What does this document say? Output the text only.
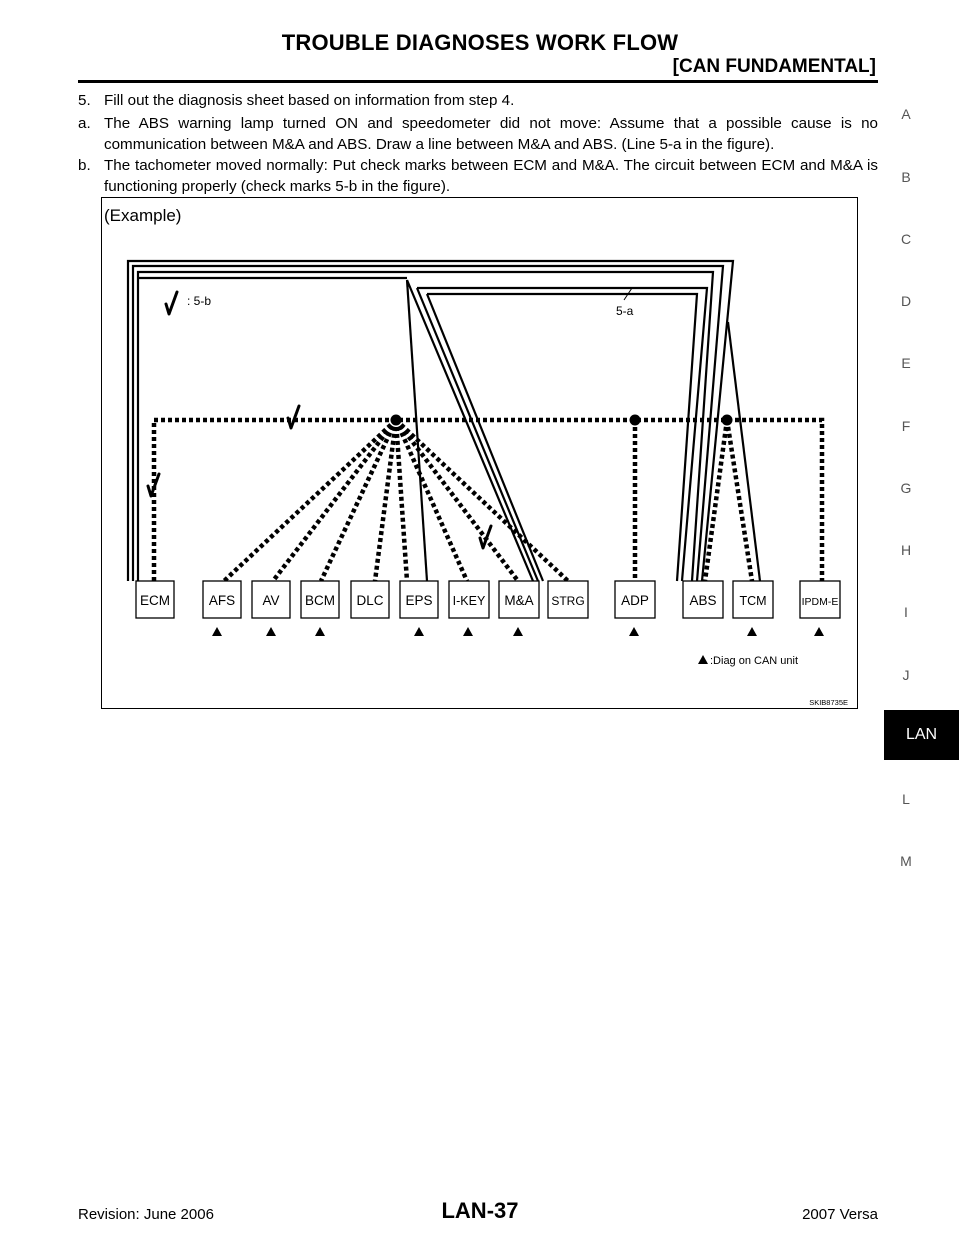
TROUBLE DIAGNOSES WORK FLOW
[CAN FUNDAMENTAL]
5. Fill out the diagnosis sheet based on information from step 4.
a. The ABS warning lamp turned ON and speedometer did not move: Assume that a possible cause is no communication between M&A and ABS. Draw a line between M&A and ABS. (Line 5-a in the figure).
b. The tachometer moved normally: Put check marks between ECM and M&A. The circuit between ECM and M&A is functioning properly (check marks 5-b in the figure).
(Example)
: 5-b
5-a
ECM	AFS AV BCM DLC EPS I-KEY M&A STRG	ADP	ABS TCM	IPDM-E
:Diag on CAN unit
SKIB8735E
A
B
C
D
E
F
G
H
I
J
LAN
L
M
Revision: June 2006	LAN-37	2007 Versa
